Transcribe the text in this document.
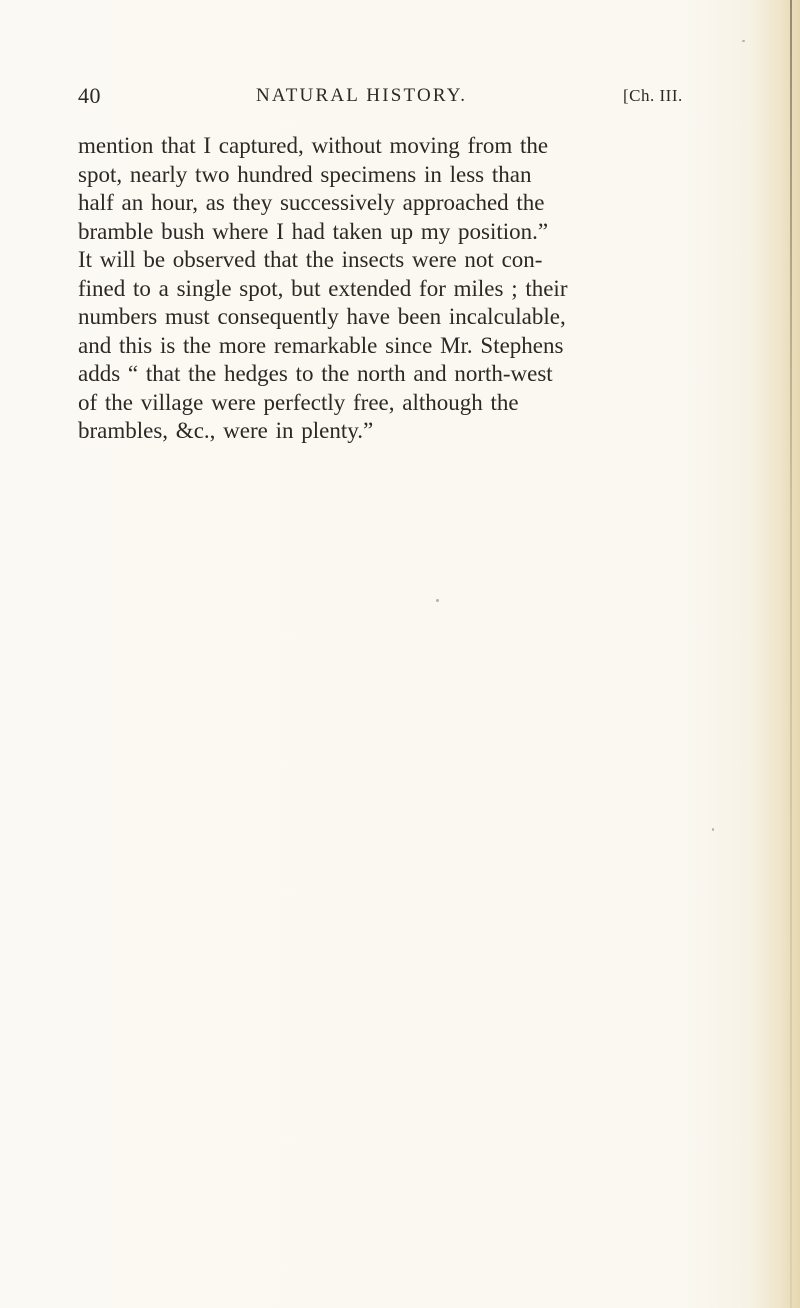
40	NATURAL HISTORY.	[Ch. III.
mention that I captured, without moving from the
spot, nearly two hundred specimens in less than
half an hour, as they successively approached the
bramble bush where I had taken up my position.”
It will be observed that the insects were not con-
fined to a single spot, but extended for miles ; their
numbers must consequently have been incalculable,
and this is the more remarkable since Mr. Stephens
adds “ that the hedges to the north and north-west
of the village were perfectly free, although the
brambles, &c., were in plenty.”
